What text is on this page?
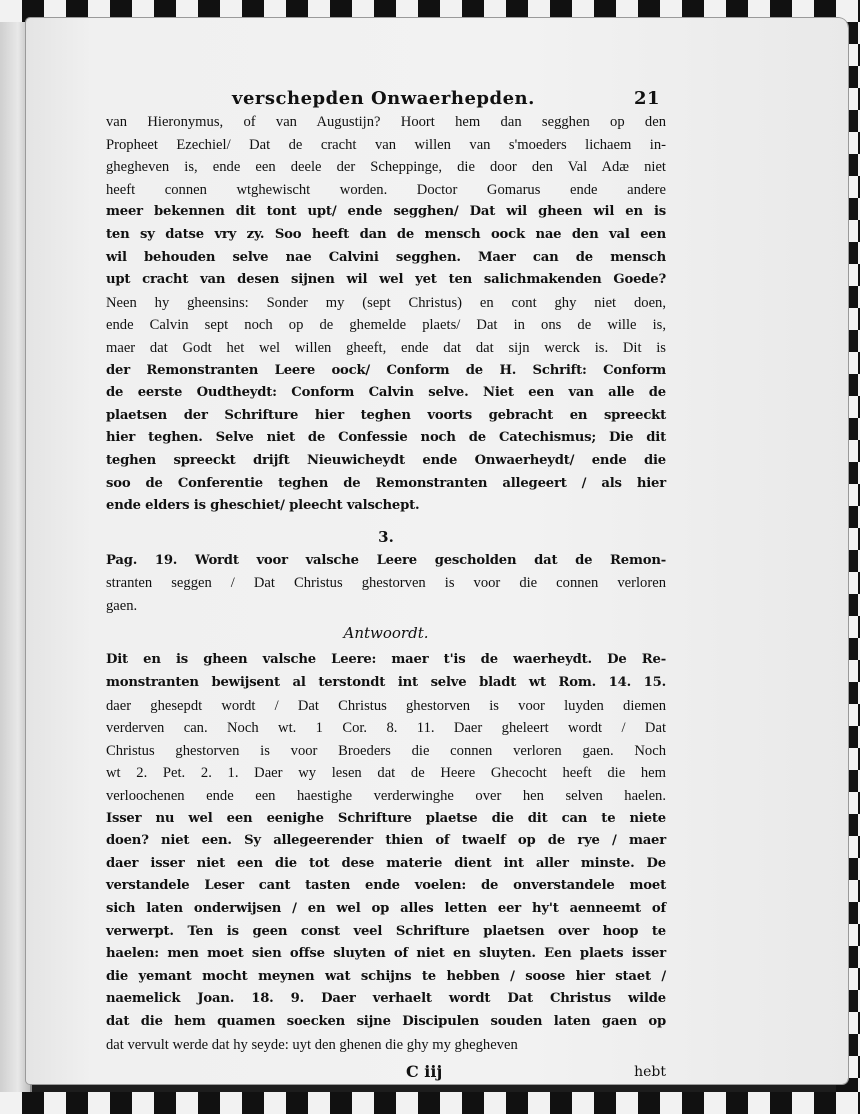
verschepden Onwaerhepden.	21
van Hieronymus, of van Augustijn? Hoort hem dan segghen op den
Propheet Ezechiel/ Dat de cracht van willen van s'moeders lichaem in-
ghegheven is, ende een deele der Scheppinge, die door den Val Adæ niet
heeft connen wtghewischt worden. Doctor Gomarus ende andere
meer bekennen dit tont upt/ ende segghen/ Dat wil gheen wil en is
ten sy datse vry zy. Soo heeft dan de mensch oock nae den val een
wil behouden selve nae Calvini segghen. Maer can de mensch
upt cracht van desen sijnen wil wel yet ten salichmakenden Goede?
Neen hy gheensins: Sonder my (sept Christus) en cont ghy niet doen,
ende Calvin sept noch op de ghemelde plaets/ Dat in ons de wille is,
maer dat Godt het wel willen gheeft, ende dat dat sijn werck is. Dit is
der Remonstranten Leere oock/ Conform de H. Schrift: Conform
de eerste Oudtheydt: Conform Calvin selve. Niet een van alle de
plaetsen der Schrifture hier teghen voorts gebracht en spreeckt
hier teghen. Selve niet de Confessie noch de Catechismus; Die dit
teghen spreeckt drijft Nieuwicheydt ende Onwaerheydt/ ende die
soo de Conferentie teghen de Remonstranten allegeert / als hier
ende elders is gheschiet/ pleecht valschept.
3.
Pag. 19. Wordt voor valsche Leere gescholden dat de Remon-
stranten seggen / Dat Christus ghestorven is voor die connen verloren
gaen.
Antwoordt.
Dit en is gheen valsche Leere: maer t'is de waerheydt. De Re-
monstranten bewijsent al terstondt int selve bladt wt Rom. 14. 15.
daer ghesepdt wordt / Dat Christus ghestorven is voor luyden diemen
verderven can. Noch wt. 1 Cor. 8. 11. Daer gheleert wordt / Dat
Christus ghestorven is voor Broeders die connen verloren gaen. Noch
wt 2. Pet. 2. 1. Daer wy lesen dat de Heere Ghecocht heeft die hem
verloochenen ende een haestighe verderwinghe over hen selven haelen.
Isser nu wel een eenighe Schrifture plaetse die dit can te niete
doen? niet een. Sy allegeerender thien of twaelf op de rye / maer
daer isser niet een die tot dese materie dient int aller minste. De
verstandele Leser cant tasten ende voelen: de onverstandele moet
sich laten onderwijsen / en wel op alles letten eer hy't aenneemt of
verwerpt. Ten is geen const veel Schrifture plaetsen over hoop te
haelen: men moet sien offse sluyten of niet en sluyten. Een plaets isser
die yemant mocht meynen wat schijns te hebben / soose hier staet /
naemelick Joan. 18. 9. Daer verhaelt wordt Dat Christus wilde
dat die hem quamen soecken sijne Discipulen souden laten gaen op
dat vervult werde dat hy seyde: uyt den ghenen die ghy my ghegheven
C iij	hebt
